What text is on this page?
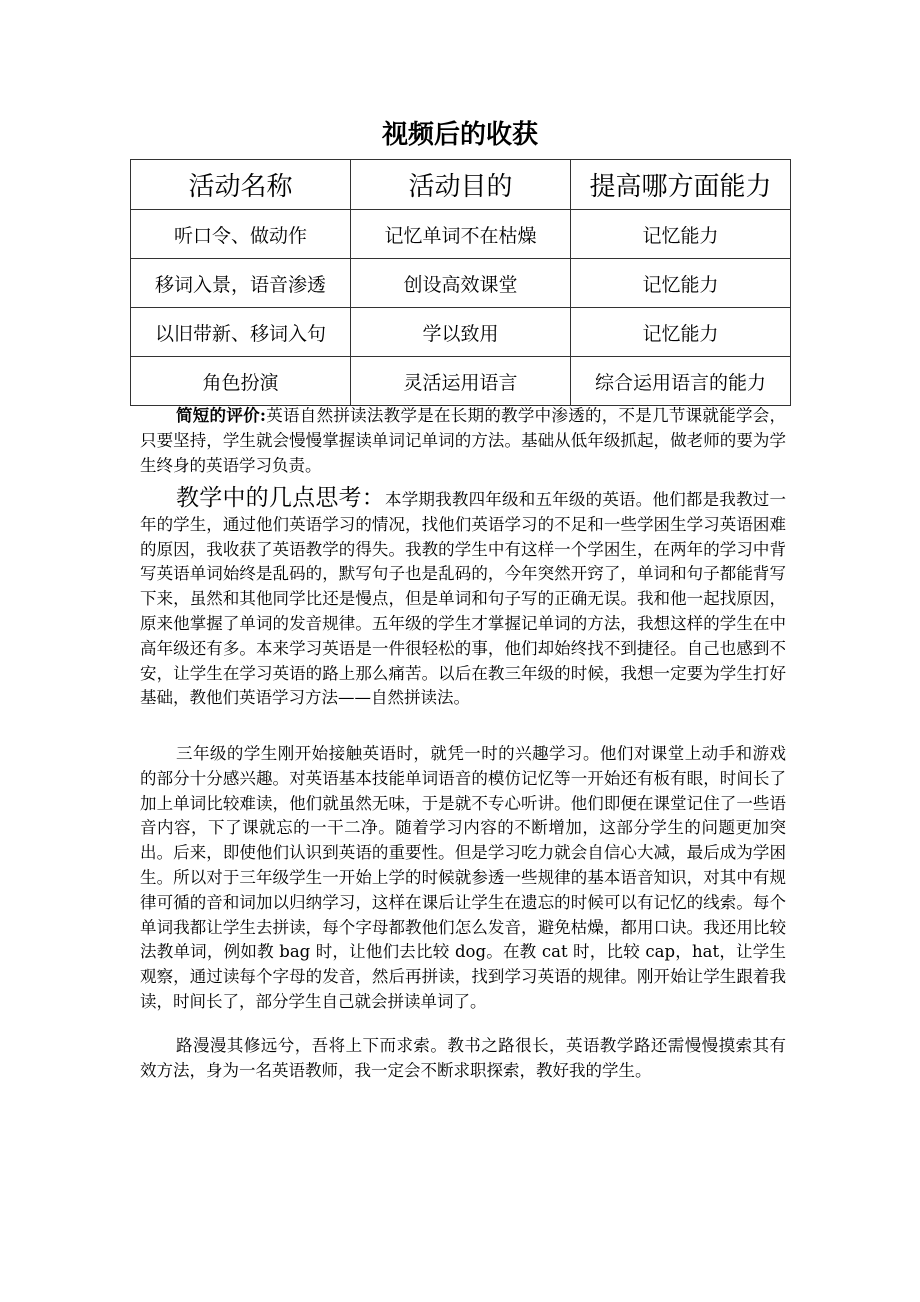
视频后的收获
活动名称	活动目的	提高哪方面能力
听口令、做动作	记忆单词不在枯燥	记忆能力
移词入景，语音渗透	创设高效课堂	记忆能力
以旧带新、移词入句	学以致用	记忆能力
角色扮演	灵活运用语言	综合运用语言的能力

简短的评价:英语自然拼读法教学是在长期的教学中渗透的，不是几节课就能学会，只要坚持，学生就会慢慢掌握读单词记单词的方法。基础从低年级抓起，做老师的要为学生终身的英语学习负责。

教学中的几点思考：本学期我教四年级和五年级的英语。他们都是我教过一年的学生，通过他们英语学习的情况，找他们英语学习的不足和一些学困生学习英语困难的原因，我收获了英语教学的得失。我教的学生中有这样一个学困生，在两年的学习中背写英语单词始终是乱码的，默写句子也是乱码的，今年突然开窍了，单词和句子都能背写下来，虽然和其他同学比还是慢点，但是单词和句子写的正确无误。我和他一起找原因，原来他掌握了单词的发音规律。五年级的学生才掌握记单词的方法，我想这样的学生在中高年级还有多。本来学习英语是一件很轻松的事，他们却始终找不到捷径。自己也感到不安，让学生在学习英语的路上那么痛苦。以后在教三年级的时候，我想一定要为学生打好基础，教他们英语学习方法——自然拼读法。

三年级的学生刚开始接触英语时，就凭一时的兴趣学习。他们对课堂上动手和游戏的部分十分感兴趣。对英语基本技能单词语音的模仿记忆等一开始还有板有眼，时间长了加上单词比较难读，他们就虽然无味，于是就不专心听讲。他们即便在课堂记住了一些语音内容，下了课就忘的一干二净。随着学习内容的不断增加，这部分学生的问题更加突出。后来，即使他们认识到英语的重要性。但是学习吃力就会自信心大减，最后成为学困生。所以对于三年级学生一开始上学的时候就参透一些规律的基本语音知识，对其中有规律可循的音和词加以归纳学习，这样在课后让学生在遗忘的时候可以有记忆的线索。每个单词我都让学生去拼读，每个字母都教他们怎么发音，避免枯燥，都用口诀。我还用比较法教单词，例如教 bag 时，让他们去比较 dog。在教 cat 时，比较 cap，hat，让学生观察，通过读每个字母的发音，然后再拼读，找到学习英语的规律。刚开始让学生跟着我读，时间长了，部分学生自己就会拼读单词了。

路漫漫其修远兮，吾将上下而求索。教书之路很长，英语教学路还需慢慢摸索其有效方法，身为一名英语教师，我一定会不断求职探索，教好我的学生。
